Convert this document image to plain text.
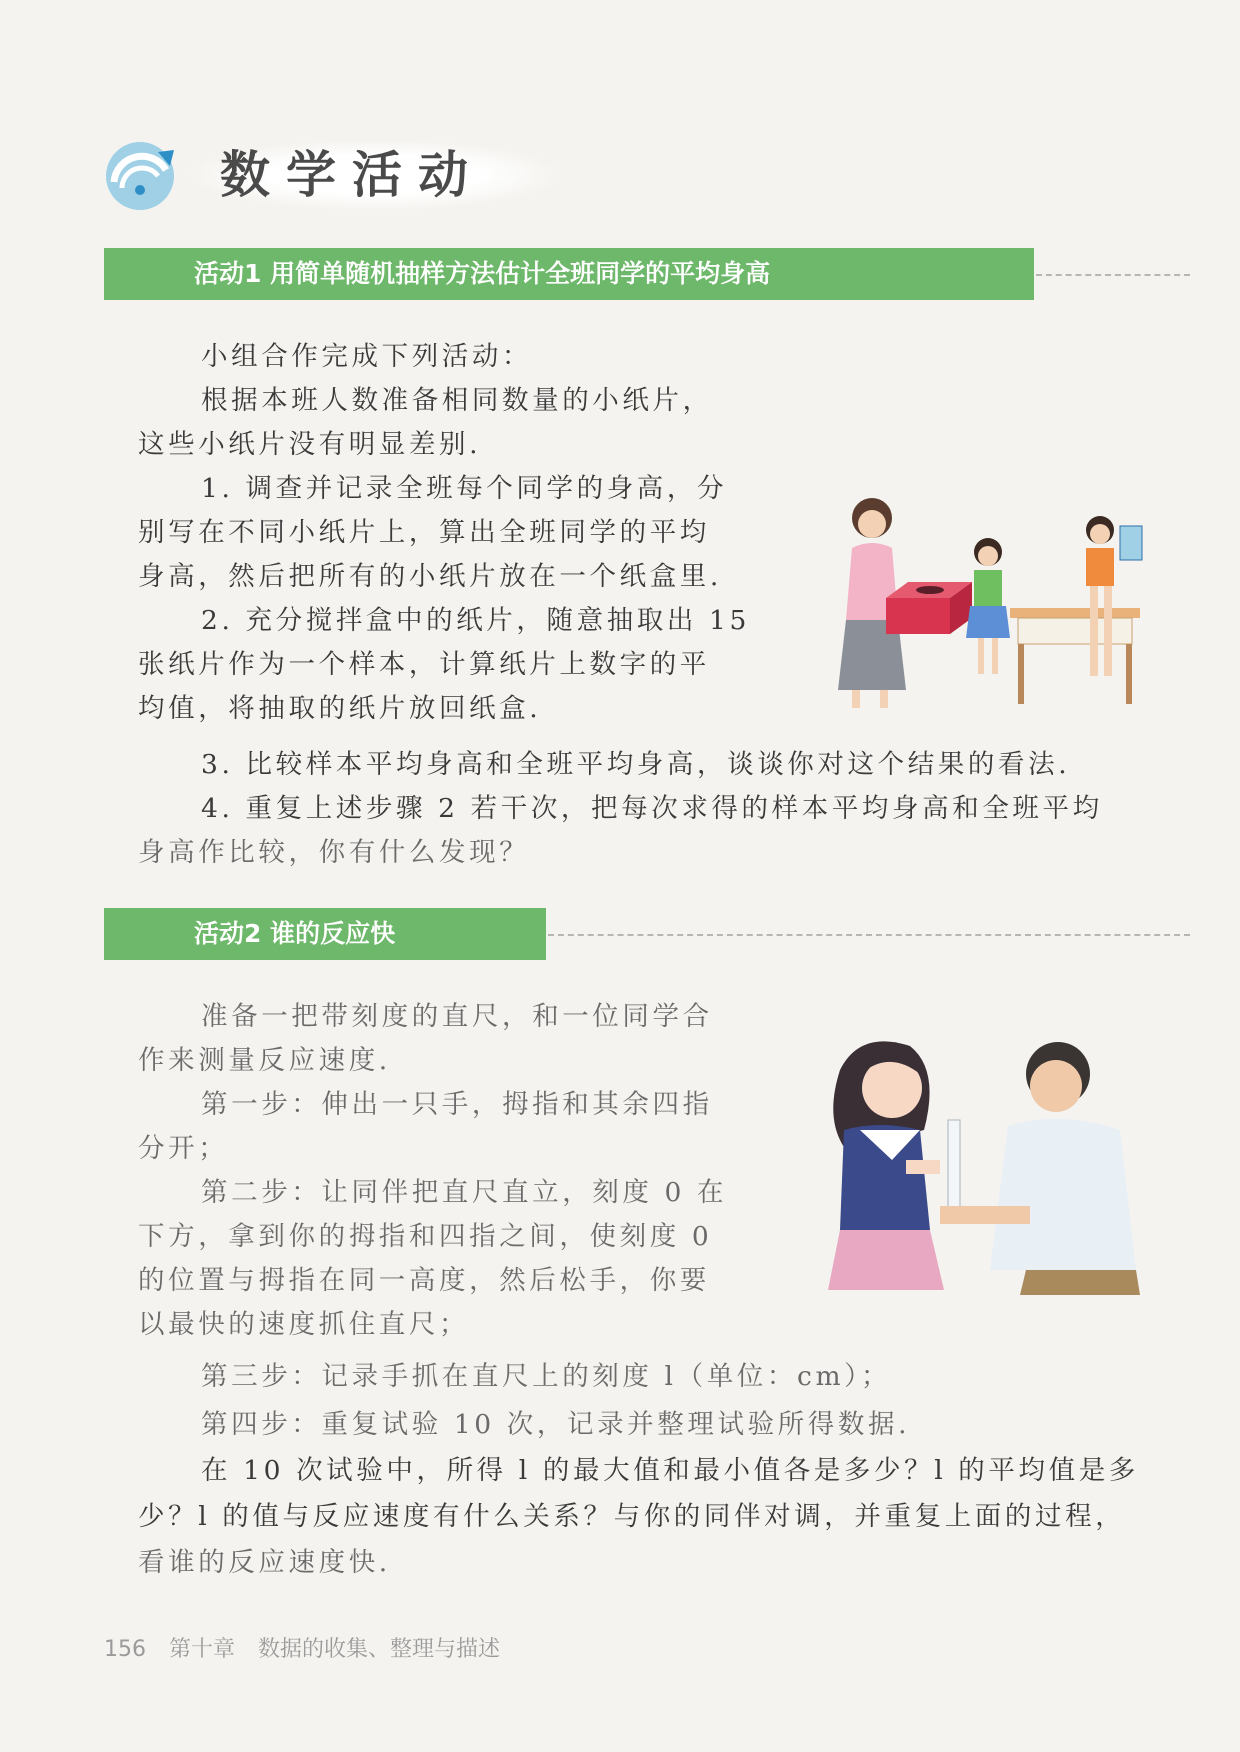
数学活动
活动1 用简单随机抽样方法估计全班同学的平均身高
小组合作完成下列活动：
根据本班人数准备相同数量的小纸片，
这些小纸片没有明显差别.
1. 调查并记录全班每个同学的身高，分
别写在不同小纸片上，算出全班同学的平均
身高，然后把所有的小纸片放在一个纸盒里.
2. 充分搅拌盒中的纸片，随意抽取出 15
张纸片作为一个样本，计算纸片上数字的平
均值，将抽取的纸片放回纸盒.
3. 比较样本平均身高和全班平均身高，谈谈你对这个结果的看法.
4. 重复上述步骤 2 若干次，把每次求得的样本平均身高和全班平均
身高作比较，你有什么发现？
活动2 谁的反应快
准备一把带刻度的直尺，和一位同学合
作来测量反应速度.
第一步：伸出一只手，拇指和其余四指
分开；
第二步：让同伴把直尺直立，刻度 0 在
下方，拿到你的拇指和四指之间，使刻度 0
的位置与拇指在同一高度，然后松手，你要
以最快的速度抓住直尺；
第三步：记录手抓在直尺上的刻度 l（单位：cm）；
第四步：重复试验 10 次，记录并整理试验所得数据.
在 10 次试验中，所得 l 的最大值和最小值各是多少？l 的平均值是多
少？l 的值与反应速度有什么关系？与你的同伴对调，并重复上面的过程，
看谁的反应速度快.
156 第十章 数据的收集、整理与描述
